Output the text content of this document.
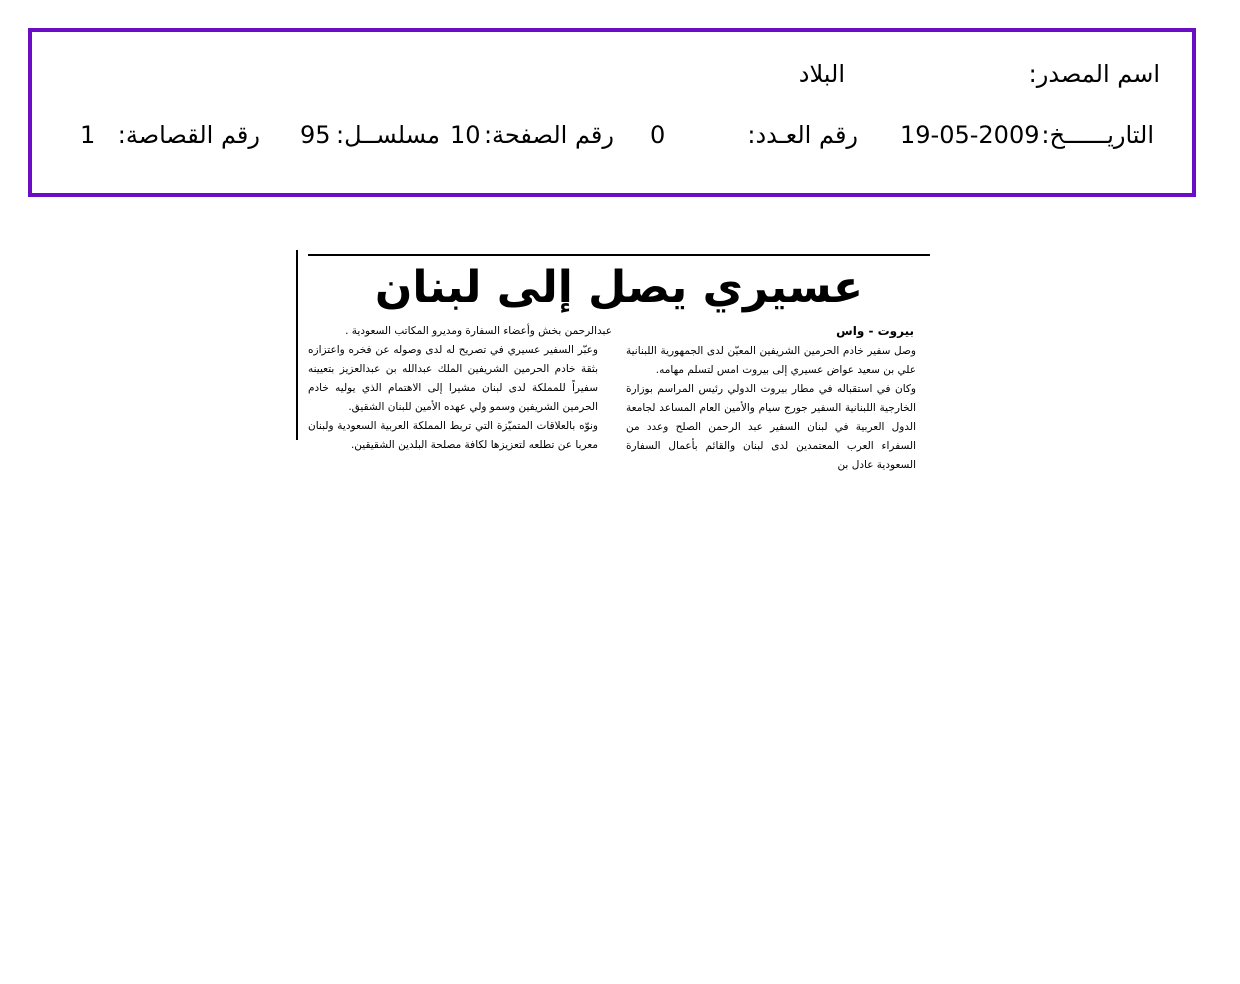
اسم المصدر:
البلاد
التاريــــــخ:
19-05-2009
رقم العـدد:
0
رقم الصفحة:
10
مسلســل:
95
رقم القصاصة:
1
عسيري يصل إلى لبنان
بيروت - واس

وصل سفير خادم الحرمين الشريفين المعيّن لدى الجمهورية اللبنانية علي بن سعيد عواض عسيري إلى بيروت امس لتسلم مهامه.

وكان في استقباله في مطار بيروت الدولي رئيس المراسم بوزارة الخارجية اللبنانية السفير جورج سيام والأمين العام المساعد لجامعة الدول العربية في لبنان السفير عبد الرحمن الصلح وعدد من السفراء العرب المعتمدين لدى لبنان والقائم بأعمال السفارة السعودية عادل بن

عبدالرحمن بخش وأعضاء السفارة ومديرو المكاتب السعودية .

وعبّر السفير عسيري في تصريح له لدى وصوله عن فخره واعتزازه بثقة خادم الحرمين الشريفين الملك عبدالله بن عبدالعزيز بتعيينه سفيراً للمملكة لدى لبنان مشيرا إلى الاهتمام الذي يوليه خادم الحرمين الشريفين وسمو ولي عهده الأمين للبنان الشقيق.

ونوّه بالعلاقات المتميّزة التي تربط المملكة العربية السعودية ولبنان معربا عن تطلعه لتعزيزها لكافة مصلحة البلدين الشقيقين.
